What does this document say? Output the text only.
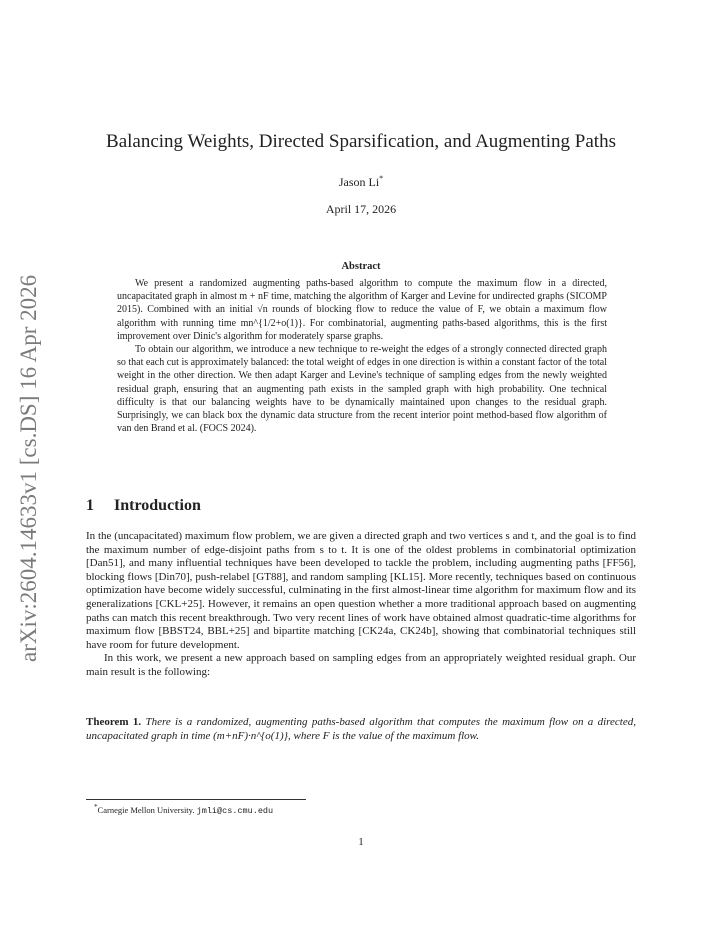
arXiv:2604.14633v1 [cs.DS] 16 Apr 2026
Balancing Weights, Directed Sparsification, and Augmenting Paths
Jason Li*
April 17, 2026
Abstract

We present a randomized augmenting paths-based algorithm to compute the maximum flow in a directed, uncapacitated graph in almost m + nF time, matching the algorithm of Karger and Levine for undirected graphs (SICOMP 2015). Combined with an initial √n rounds of blocking flow to reduce the value of F, we obtain a maximum flow algorithm with running time mn^{1/2+o(1)}. For combinatorial, augmenting paths-based algorithms, this is the first improvement over Dinic's algorithm for moderately sparse graphs.

To obtain our algorithm, we introduce a new technique to re-weight the edges of a strongly connected directed graph so that each cut is approximately balanced: the total weight of edges in one direction is within a constant factor of the total weight in the other direction. We then adapt Karger and Levine's technique of sampling edges from the newly weighted residual graph, ensuring that an augmenting path exists in the sampled graph with high probability. One technical difficulty is that our balancing weights have to be dynamically maintained upon changes to the residual graph. Surprisingly, we can black box the dynamic data structure from the recent interior point method-based flow algorithm of van den Brand et al. (FOCS 2024).

1 Introduction

In the (uncapacitated) maximum flow problem, we are given a directed graph and two vertices s and t, and the goal is to find the maximum number of edge-disjoint paths from s to t. It is one of the oldest problems in combinatorial optimization [Dan51], and many influential techniques have been developed to tackle the problem, including augmenting paths [FF56], blocking flows [Din70], push-relabel [GT88], and random sampling [KL15]. More recently, techniques based on continuous optimization have become widely successful, culminating in the first almost-linear time algorithm for maximum flow and its generalizations [CKL+25]. However, it remains an open question whether a more traditional approach based on augmenting paths can match this recent breakthrough. Two very recent lines of work have obtained almost quadratic-time algorithms for maximum flow [BBST24, BBL+25] and bipartite matching [CK24a, CK24b], showing that combinatorial techniques still have room for future development.

In this work, we present a new approach based on sampling edges from an appropriately weighted residual graph. Our main result is the following:

Theorem 1. There is a randomized, augmenting paths-based algorithm that computes the maximum flow on a directed, uncapacitated graph in time (m+nF)·n^{o(1)}, where F is the value of the maximum flow.
*Carnegie Mellon University. jmli@cs.cmu.edu
1
